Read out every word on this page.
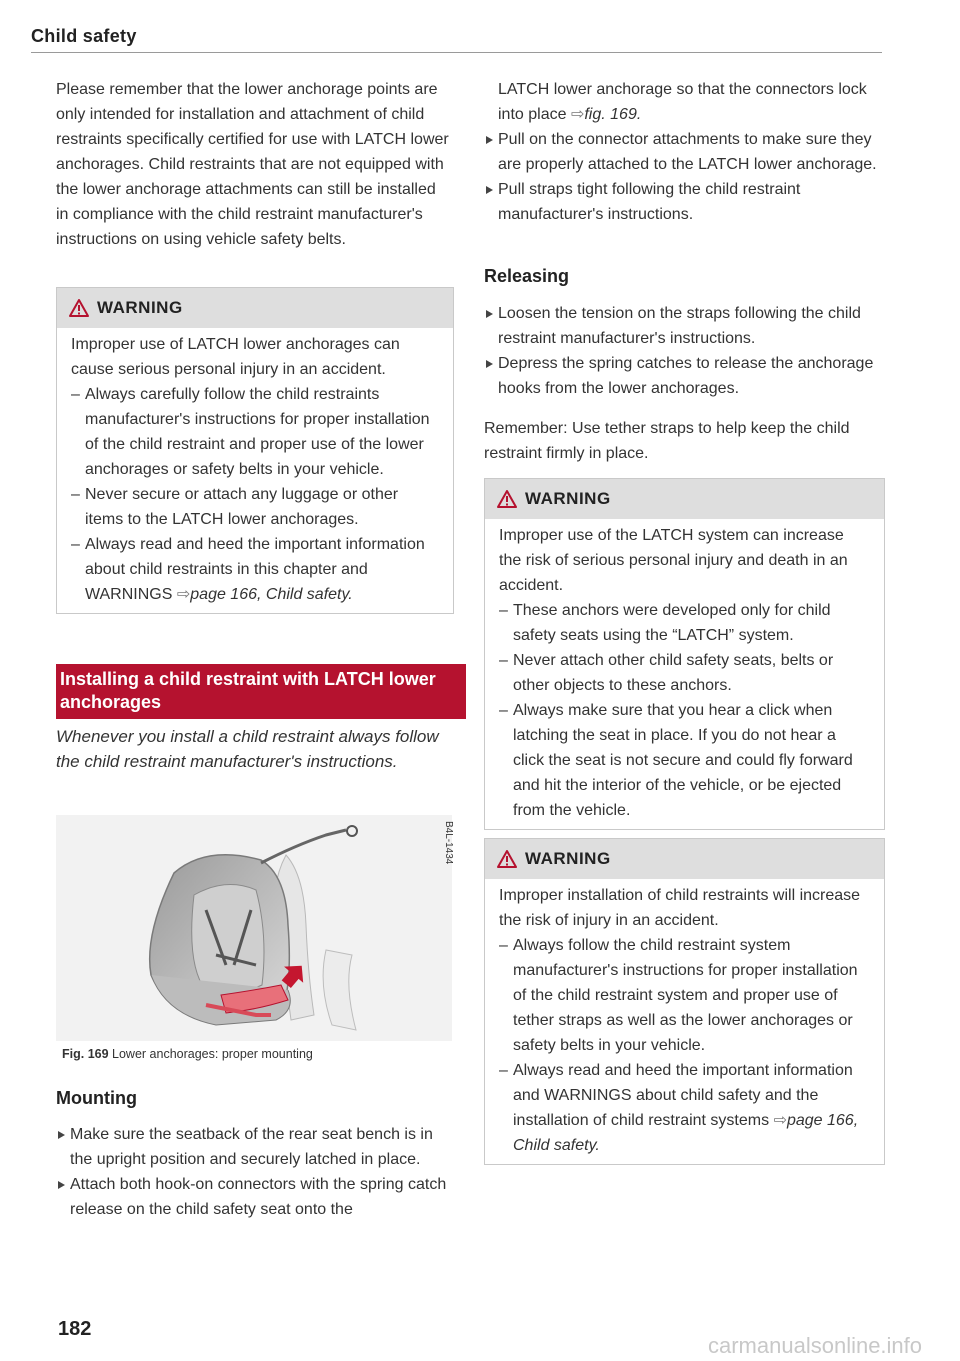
Child safety

Please remember that the lower anchorage points are only intended for installation and attachment of child restraints specifically certified for use with LATCH lower anchorages. Child restraints that are not equipped with the lower anchorage attachments can still be installed in compliance with the child restraint manufacturer's instructions on using vehicle safety belts.

WARNING

Improper use of LATCH lower anchorages can cause serious personal injury in an accident.

– Always carefully follow the child restraints manufacturer's instructions for proper installation of the child restraint and proper use of the lower anchorages or safety belts in your vehicle.

– Never secure or attach any luggage or other items to the LATCH lower anchorages.

– Always read and heed the important information about child restraints in this chapter and WARNINGS ⇨page 166, Child safety.

Installing a child restraint with LATCH lower anchorages

Whenever you install a child restraint always follow the child restraint manufacturer's instructions.

B4L-1434
Fig. 169 Lower anchorages: proper mounting
Mounting

Make sure the seatback of the rear seat bench is in the upright position and securely latched in place.

Attach both hook-on connectors with the spring catch release on the child safety seat onto the

182

LATCH lower anchorage so that the connectors lock into place ⇨fig. 169.

Pull on the connector attachments to make sure they are properly attached to the LATCH lower anchorage.

Pull straps tight following the child restraint manufacturer's instructions.

Releasing

Loosen the tension on the straps following the child restraint manufacturer's instructions.

Depress the spring catches to release the anchorage hooks from the lower anchorages.

Remember: Use tether straps to help keep the child restraint firmly in place.

WARNING

Improper use of the LATCH system can increase the risk of serious personal injury and death in an accident.

– These anchors were developed only for child safety seats using the “LATCH” system.

– Never attach other child safety seats, belts or other objects to these anchors.

– Always make sure that you hear a click when latching the seat in place. If you do not hear a click the seat is not secure and could fly forward and hit the interior of the vehicle, or be ejected from the vehicle.

WARNING

Improper installation of child restraints will increase the risk of injury in an accident.

– Always follow the child restraint system manufacturer's instructions for proper installation of the child restraint system and proper use of tether straps as well as the lower anchorages or safety belts in your vehicle.

– Always read and heed the important information and WARNINGS about child safety and the installation of child restraint systems ⇨page 166, Child safety.

carmanualsonline.info
